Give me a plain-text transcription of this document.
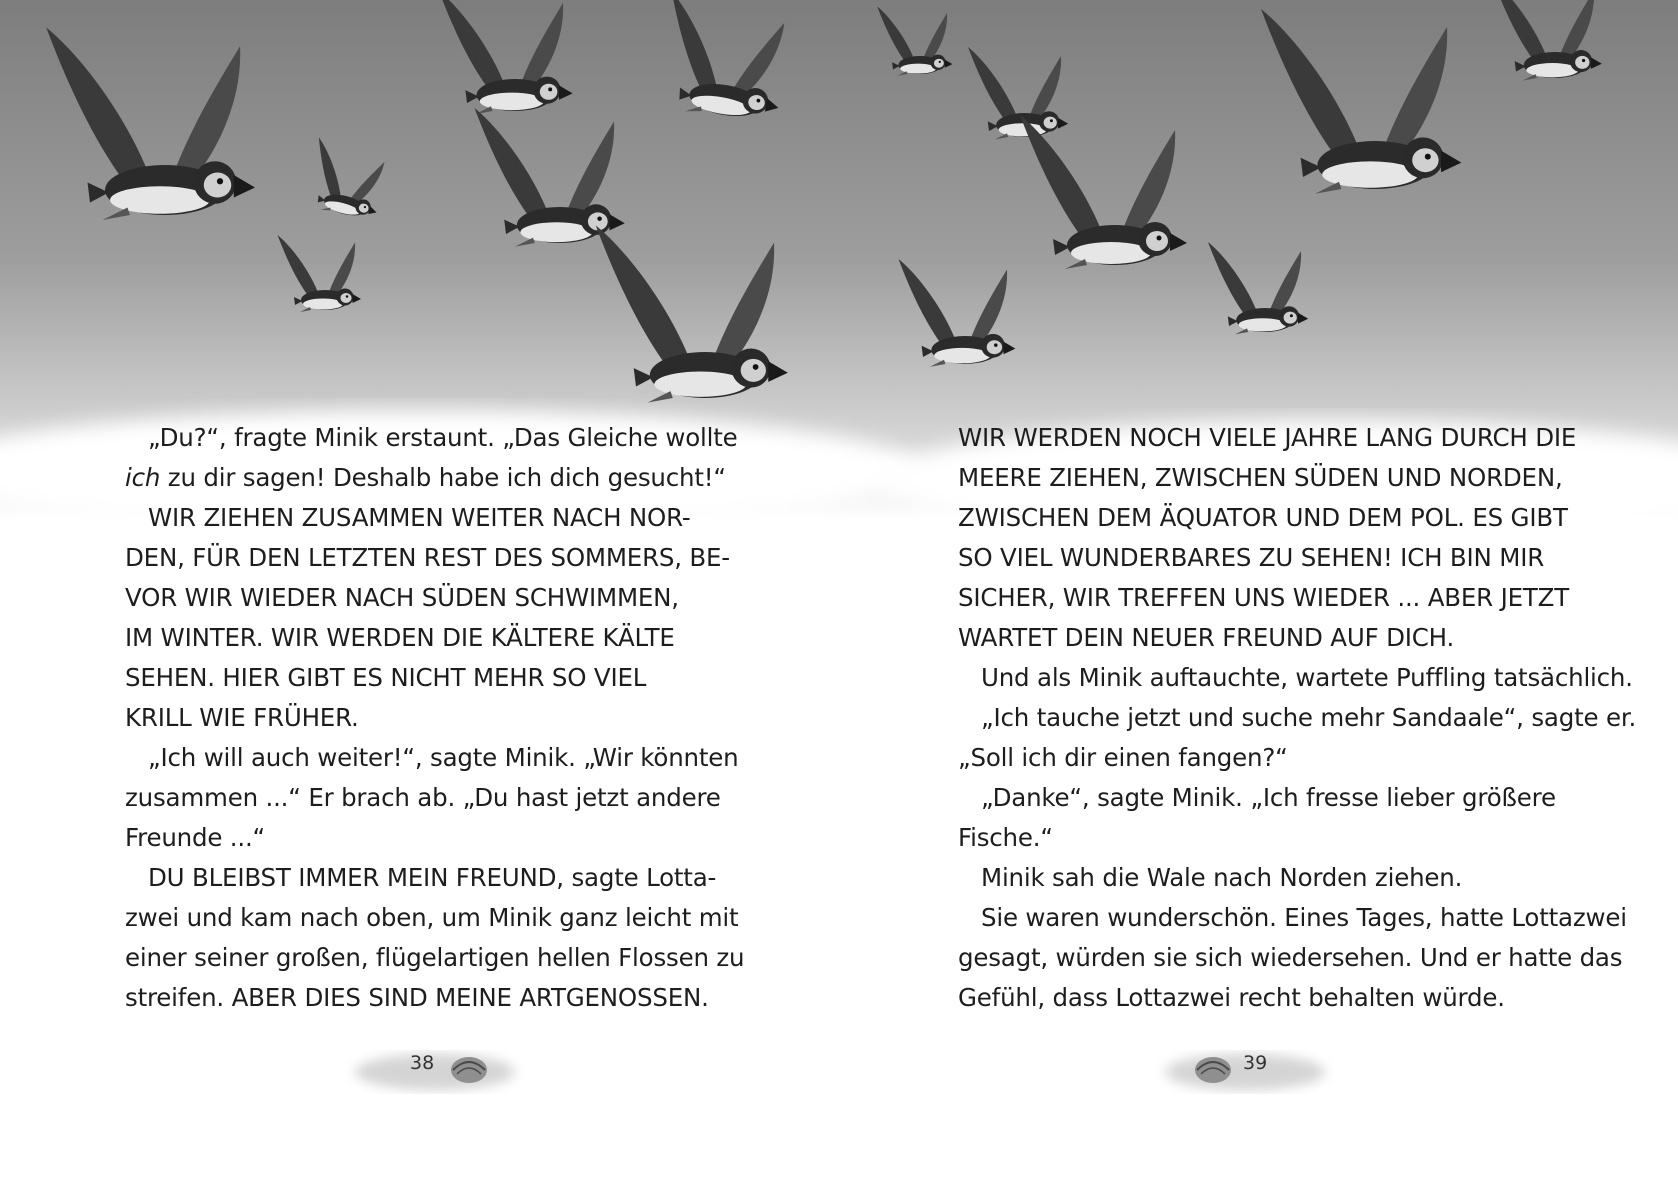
„Du?“, fragte Minik erstaunt. „Das Gleiche wollte

ich zu dir sagen! Deshalb habe ich dich gesucht!“

WIR ZIEHEN ZUSAMMEN WEITER NACH NOR-

DEN, FÜR DEN LETZTEN REST DES SOMMERS, BE-

VOR WIR WIEDER NACH SÜDEN SCHWIMMEN,

IM WINTER. WIR WERDEN DIE KÄLTERE KÄLTE

SEHEN. HIER GIBT ES NICHT MEHR SO VIEL

KRILL WIE FRÜHER.

„Ich will auch weiter!“, sagte Minik. „Wir könnten

zusammen ...“ Er brach ab. „Du hast jetzt andere

Freunde ...“

DU BLEIBST IMMER MEIN FREUND, sagte Lotta-

zwei und kam nach oben, um Minik ganz leicht mit

einer seiner großen, flügelartigen hellen Flossen zu

streifen. ABER DIES SIND MEINE ARTGENOSSEN.

WIR WERDEN NOCH VIELE JAHRE LANG DURCH DIE

MEERE ZIEHEN, ZWISCHEN SÜDEN UND NORDEN,

ZWISCHEN DEM ÄQUATOR UND DEM POL. ES GIBT

SO VIEL WUNDERBARES ZU SEHEN! ICH BIN MIR

SICHER, WIR TREFFEN UNS WIEDER ... ABER JETZT

WARTET DEIN NEUER FREUND AUF DICH.

Und als Minik auftauchte, wartete Puffling tatsächlich.

„Ich tauche jetzt und suche mehr Sandaale“, sagte er.

„Soll ich dir einen fangen?“

„Danke“, sagte Minik. „Ich fresse lieber größere

Fische.“

Minik sah die Wale nach Norden ziehen.

Sie waren wunderschön. Eines Tages, hatte Lottazwei

gesagt, würden sie sich wiedersehen. Und er hatte das

Gefühl, dass Lottazwei recht behalten würde.

38	39
